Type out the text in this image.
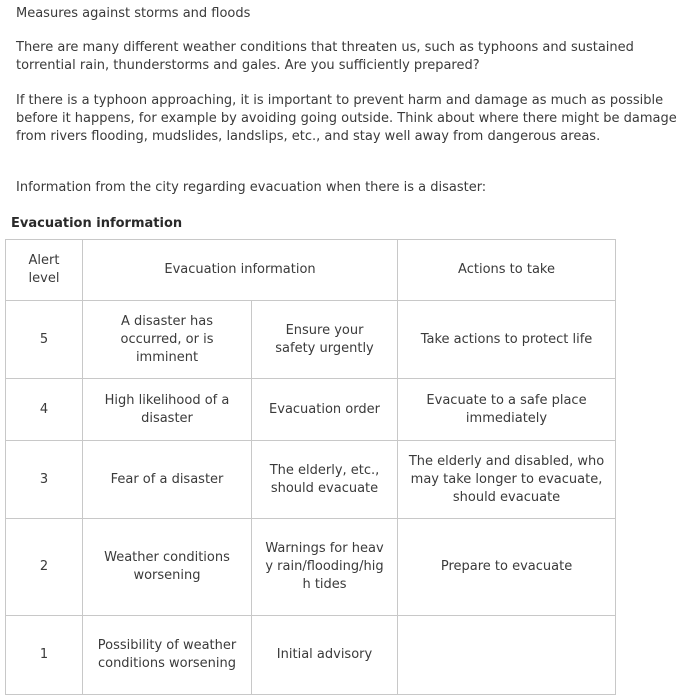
Measures against storms and floods

There are many different weather conditions that threaten us, such as typhoons and sustained torrential rain, thunderstorms and gales. Are you sufficiently prepared?

If there is a typhoon approaching, it is important to prevent harm and damage as much as possible before it happens, for example by avoiding going outside. Think about where there might be damage from rivers flooding, mudslides, landslips, etc., and stay well away from dangerous areas.

Information from the city regarding evacuation when there is a disaster:

Evacuation information
Alert level	Evacuation information		Actions to take
5	A disaster has occurred, or is imminent	Ensure your safety urgently	Take actions to protect life
4	High likelihood of a disaster	Evacuation order	Evacuate to a safe place immediately
3	Fear of a disaster	The elderly, etc., should evacuate	The elderly and disabled, who may take longer to evacuate, should evacuate
2	Weather conditions worsening	Warnings for heavy rain/flooding/high tides	Prepare to evacuate
1	Possibility of weather conditions worsening	Initial advisory	
